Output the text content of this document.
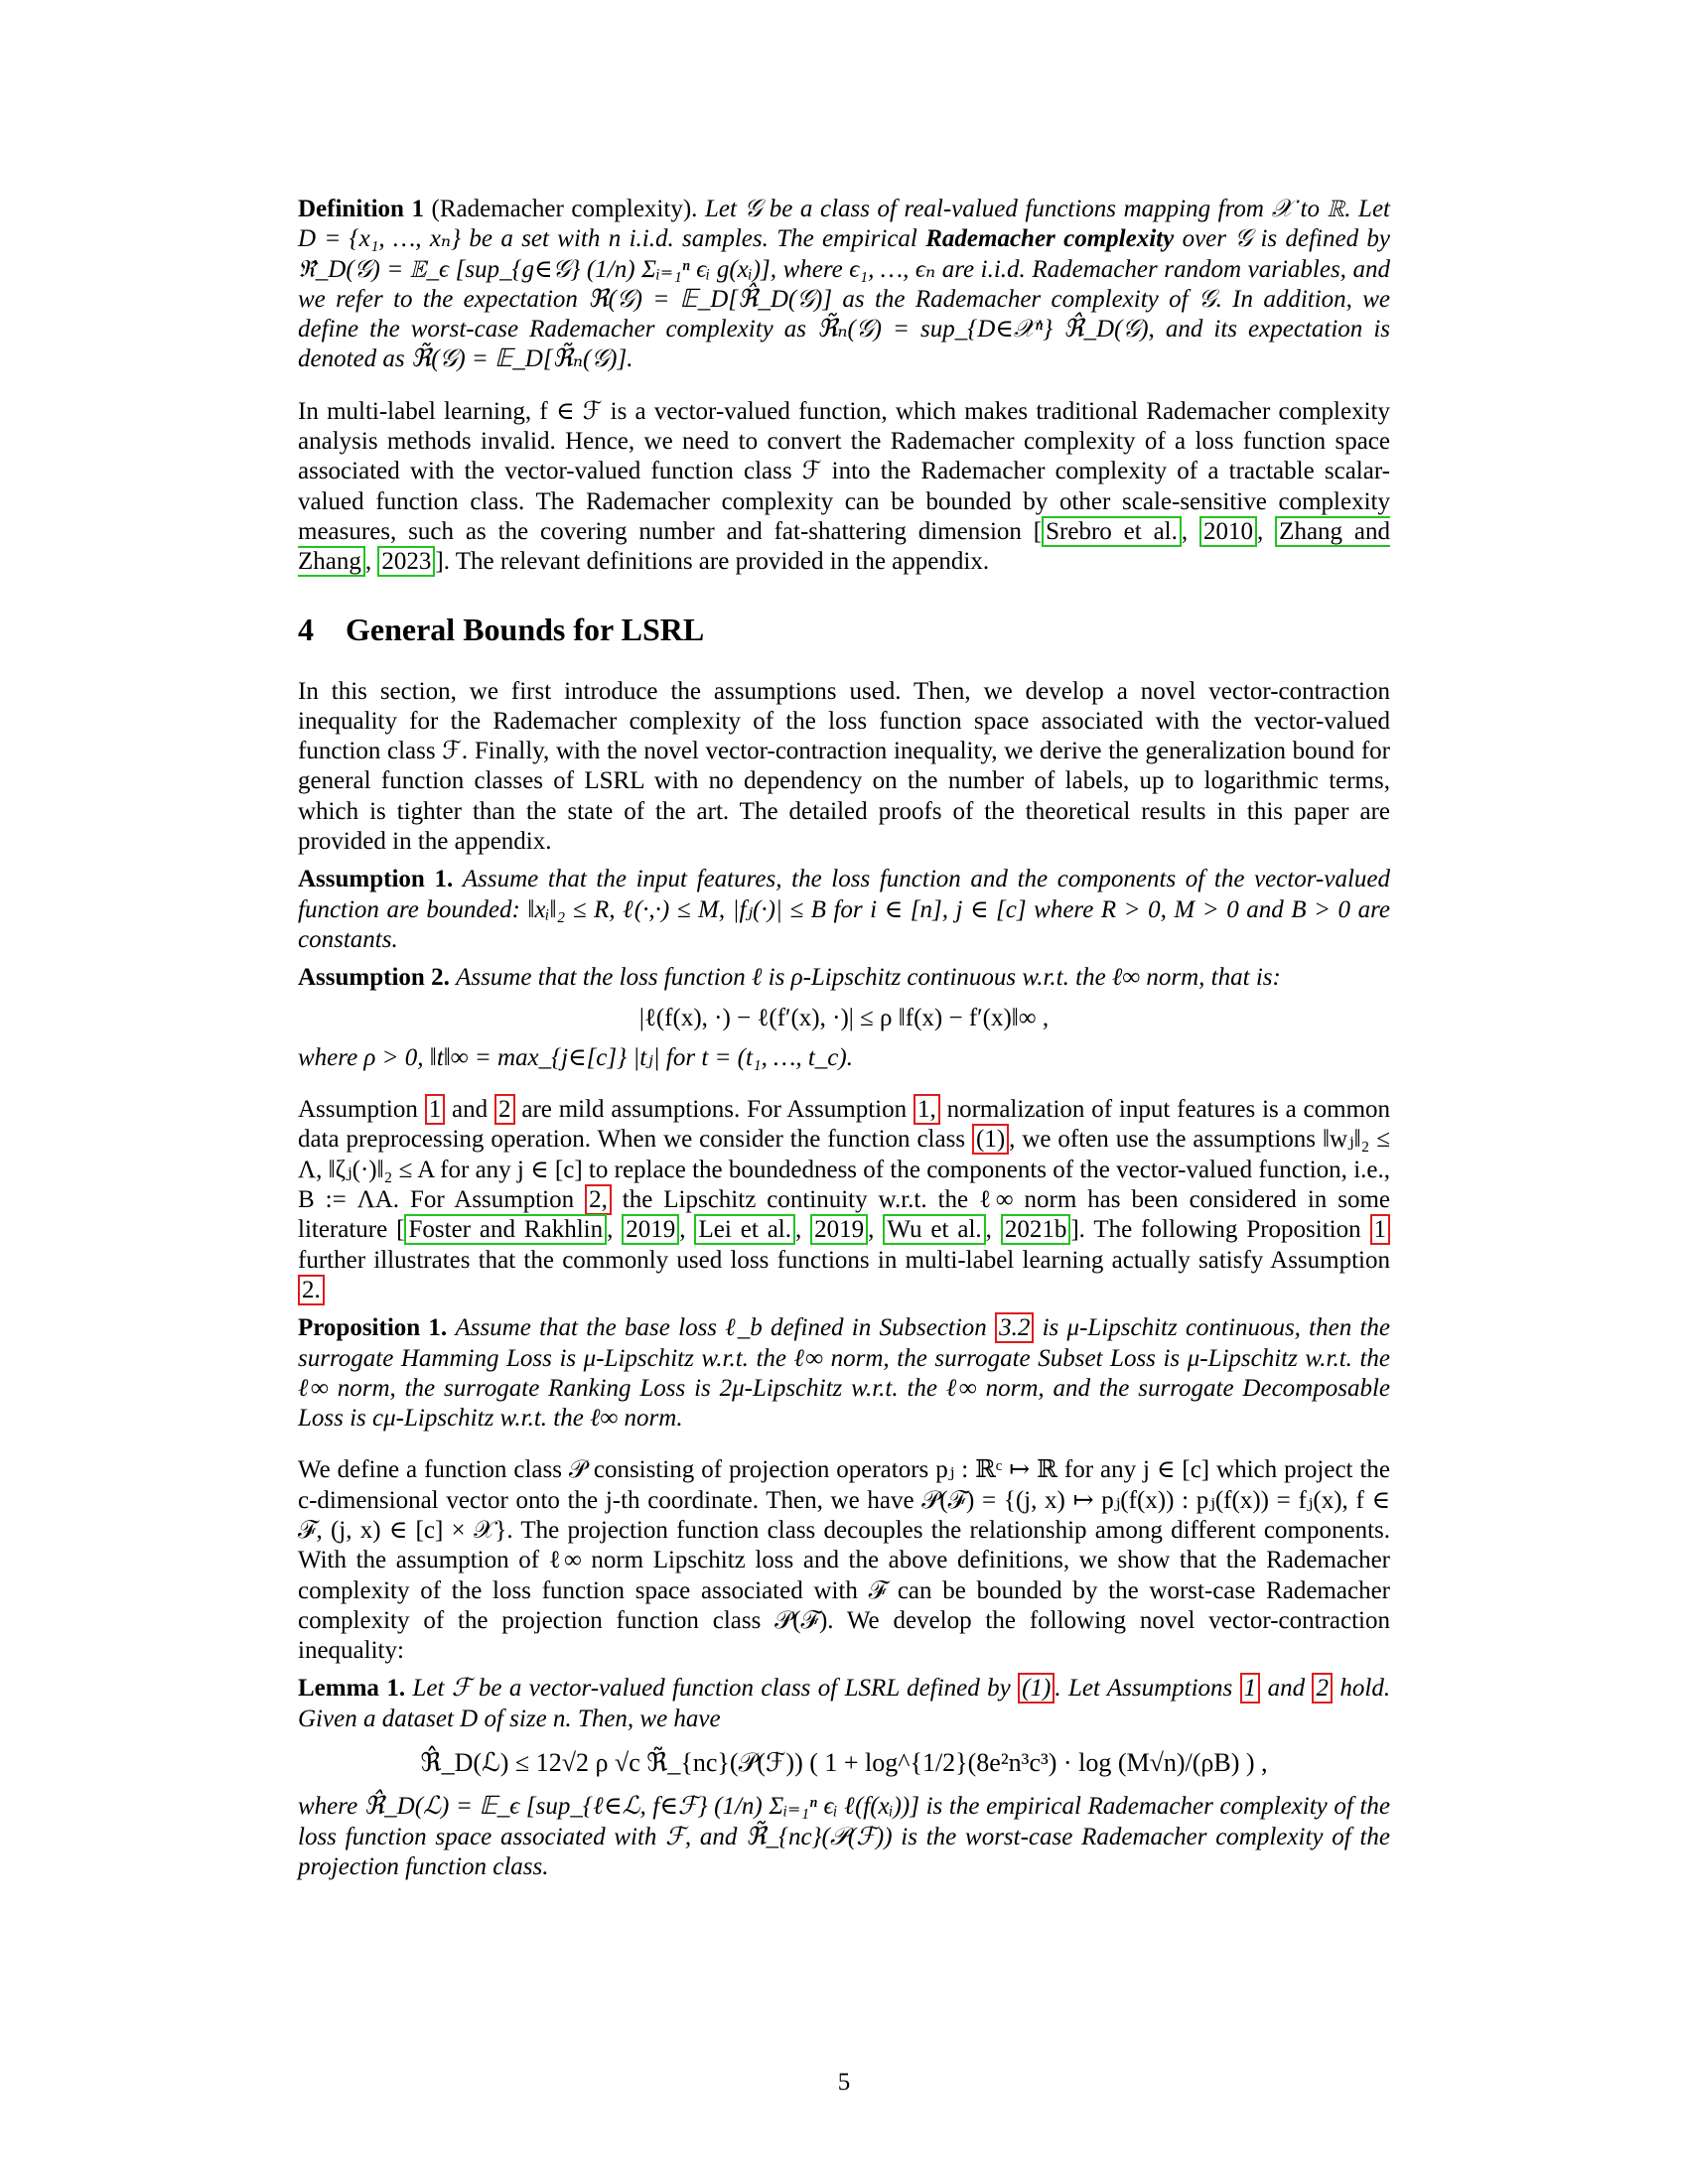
Definition 1 (Rademacher complexity). Let 𝒢 be a class of real-valued functions mapping from 𝒳 to ℝ. Let D = {x₁, …, xₙ} be a set with n i.i.d. samples. The empirical Rademacher complexity over 𝒢 is defined by ℜ̂_D(𝒢) = 𝔼_ϵ [sup_{g∈𝒢} (1/n) Σᵢ₌₁ⁿ ϵᵢ g(xᵢ)], where ϵ₁, …, ϵₙ are i.i.d. Rademacher random variables, and we refer to the expectation ℜ(𝒢) = 𝔼_D[ℜ̂_D(𝒢)] as the Rademacher complexity of 𝒢. In addition, we define the worst-case Rademacher complexity as ℜ̃ₙ(𝒢) = sup_{D∈𝒳ⁿ} ℜ̂_D(𝒢), and its expectation is denoted as ℜ̃(𝒢) = 𝔼_D[ℜ̃ₙ(𝒢)].

In multi-label learning, f ∈ ℱ is a vector-valued function, which makes traditional Rademacher complexity analysis methods invalid. Hence, we need to convert the Rademacher complexity of a loss function space associated with the vector-valued function class ℱ into the Rademacher complexity of a tractable scalar-valued function class. The Rademacher complexity can be bounded by other scale-sensitive complexity measures, such as the covering number and fat-shattering dimension [ Srebro et al. , 2010 , Zhang and Zhang , 2023 ]. The relevant definitions are provided in the appendix.

4 General Bounds for LSRL

In this section, we first introduce the assumptions used. Then, we develop a novel vector-contraction inequality for the Rademacher complexity of the loss function space associated with the vector-valued function class ℱ. Finally, with the novel vector-contraction inequality, we derive the generalization bound for general function classes of LSRL with no dependency on the number of labels, up to logarithmic terms, which is tighter than the state of the art. The detailed proofs of the theoretical results in this paper are provided in the appendix.

Assumption 1. Assume that the input features, the loss function and the components of the vector-valued function are bounded: ‖xᵢ‖₂ ≤ R, ℓ(·,·) ≤ M, |fⱼ(·)| ≤ B for i ∈ [n], j ∈ [c] where R > 0, M > 0 and B > 0 are constants.

Assumption 2. Assume that the loss function ℓ is ρ-Lipschitz continuous w.r.t. the ℓ∞ norm, that is:

|ℓ(f(x), ·) − ℓ(f′(x), ·)| ≤ ρ ‖f(x) − f′(x)‖∞ ,

where ρ > 0, ‖t‖∞ = max_{j∈[c]} |tⱼ| for t = (t₁, …, t_c).

Assumption 1 and 2 are mild assumptions. For Assumption 1, normalization of input features is a common data preprocessing operation. When we consider the function class (1) , we often use the assumptions ‖wⱼ‖₂ ≤ Λ, ‖ζⱼ(·)‖₂ ≤ A for any j ∈ [c] to replace the boundedness of the components of the vector-valued function, i.e., B := ΛA. For Assumption 2, the Lipschitz continuity w.r.t. the ℓ∞ norm has been considered in some literature [ Foster and Rakhlin , 2019 , Lei et al. , 2019 , Wu et al. , 2021b ]. The following Proposition 1 further illustrates that the commonly used loss functions in multi-label learning actually satisfy Assumption 2.

Proposition 1. Assume that the base loss ℓ_b defined in Subsection 3.2 is μ-Lipschitz continuous, then the surrogate Hamming Loss is μ-Lipschitz w.r.t. the ℓ∞ norm, the surrogate Subset Loss is μ-Lipschitz w.r.t. the ℓ∞ norm, the surrogate Ranking Loss is 2μ-Lipschitz w.r.t. the ℓ∞ norm, and the surrogate Decomposable Loss is cμ-Lipschitz w.r.t. the ℓ∞ norm.

We define a function class 𝒫 consisting of projection operators pⱼ : ℝᶜ ↦ ℝ for any j ∈ [c] which project the c-dimensional vector onto the j-th coordinate. Then, we have 𝒫(ℱ) = {(j, x) ↦ pⱼ(f(x)) : pⱼ(f(x)) = fⱼ(x), f ∈ ℱ, (j, x) ∈ [c] × 𝒳}. The projection function class decouples the relationship among different components. With the assumption of ℓ∞ norm Lipschitz loss and the above definitions, we show that the Rademacher complexity of the loss function space associated with ℱ can be bounded by the worst-case Rademacher complexity of the projection function class 𝒫(ℱ). We develop the following novel vector-contraction inequality:

Lemma 1. Let ℱ be a vector-valued function class of LSRL defined by (1) . Let Assumptions 1 and 2 hold. Given a dataset D of size n. Then, we have

ℜ̂_D(ℒ) ≤ 12√2 ρ √c ℜ̃_{nc}(𝒫(ℱ)) ( 1 + log^{1/2}(8e²n³c³) · log (M√n)/(ρB) ) ,

where ℜ̂_D(ℒ) = 𝔼_ϵ [sup_{ℓ∈ℒ, f∈ℱ} (1/n) Σᵢ₌₁ⁿ ϵᵢ ℓ(f(xᵢ))] is the empirical Rademacher complexity of the loss function space associated with ℱ, and ℜ̃_{nc}(𝒫(ℱ)) is the worst-case Rademacher complexity of the projection function class.

5
